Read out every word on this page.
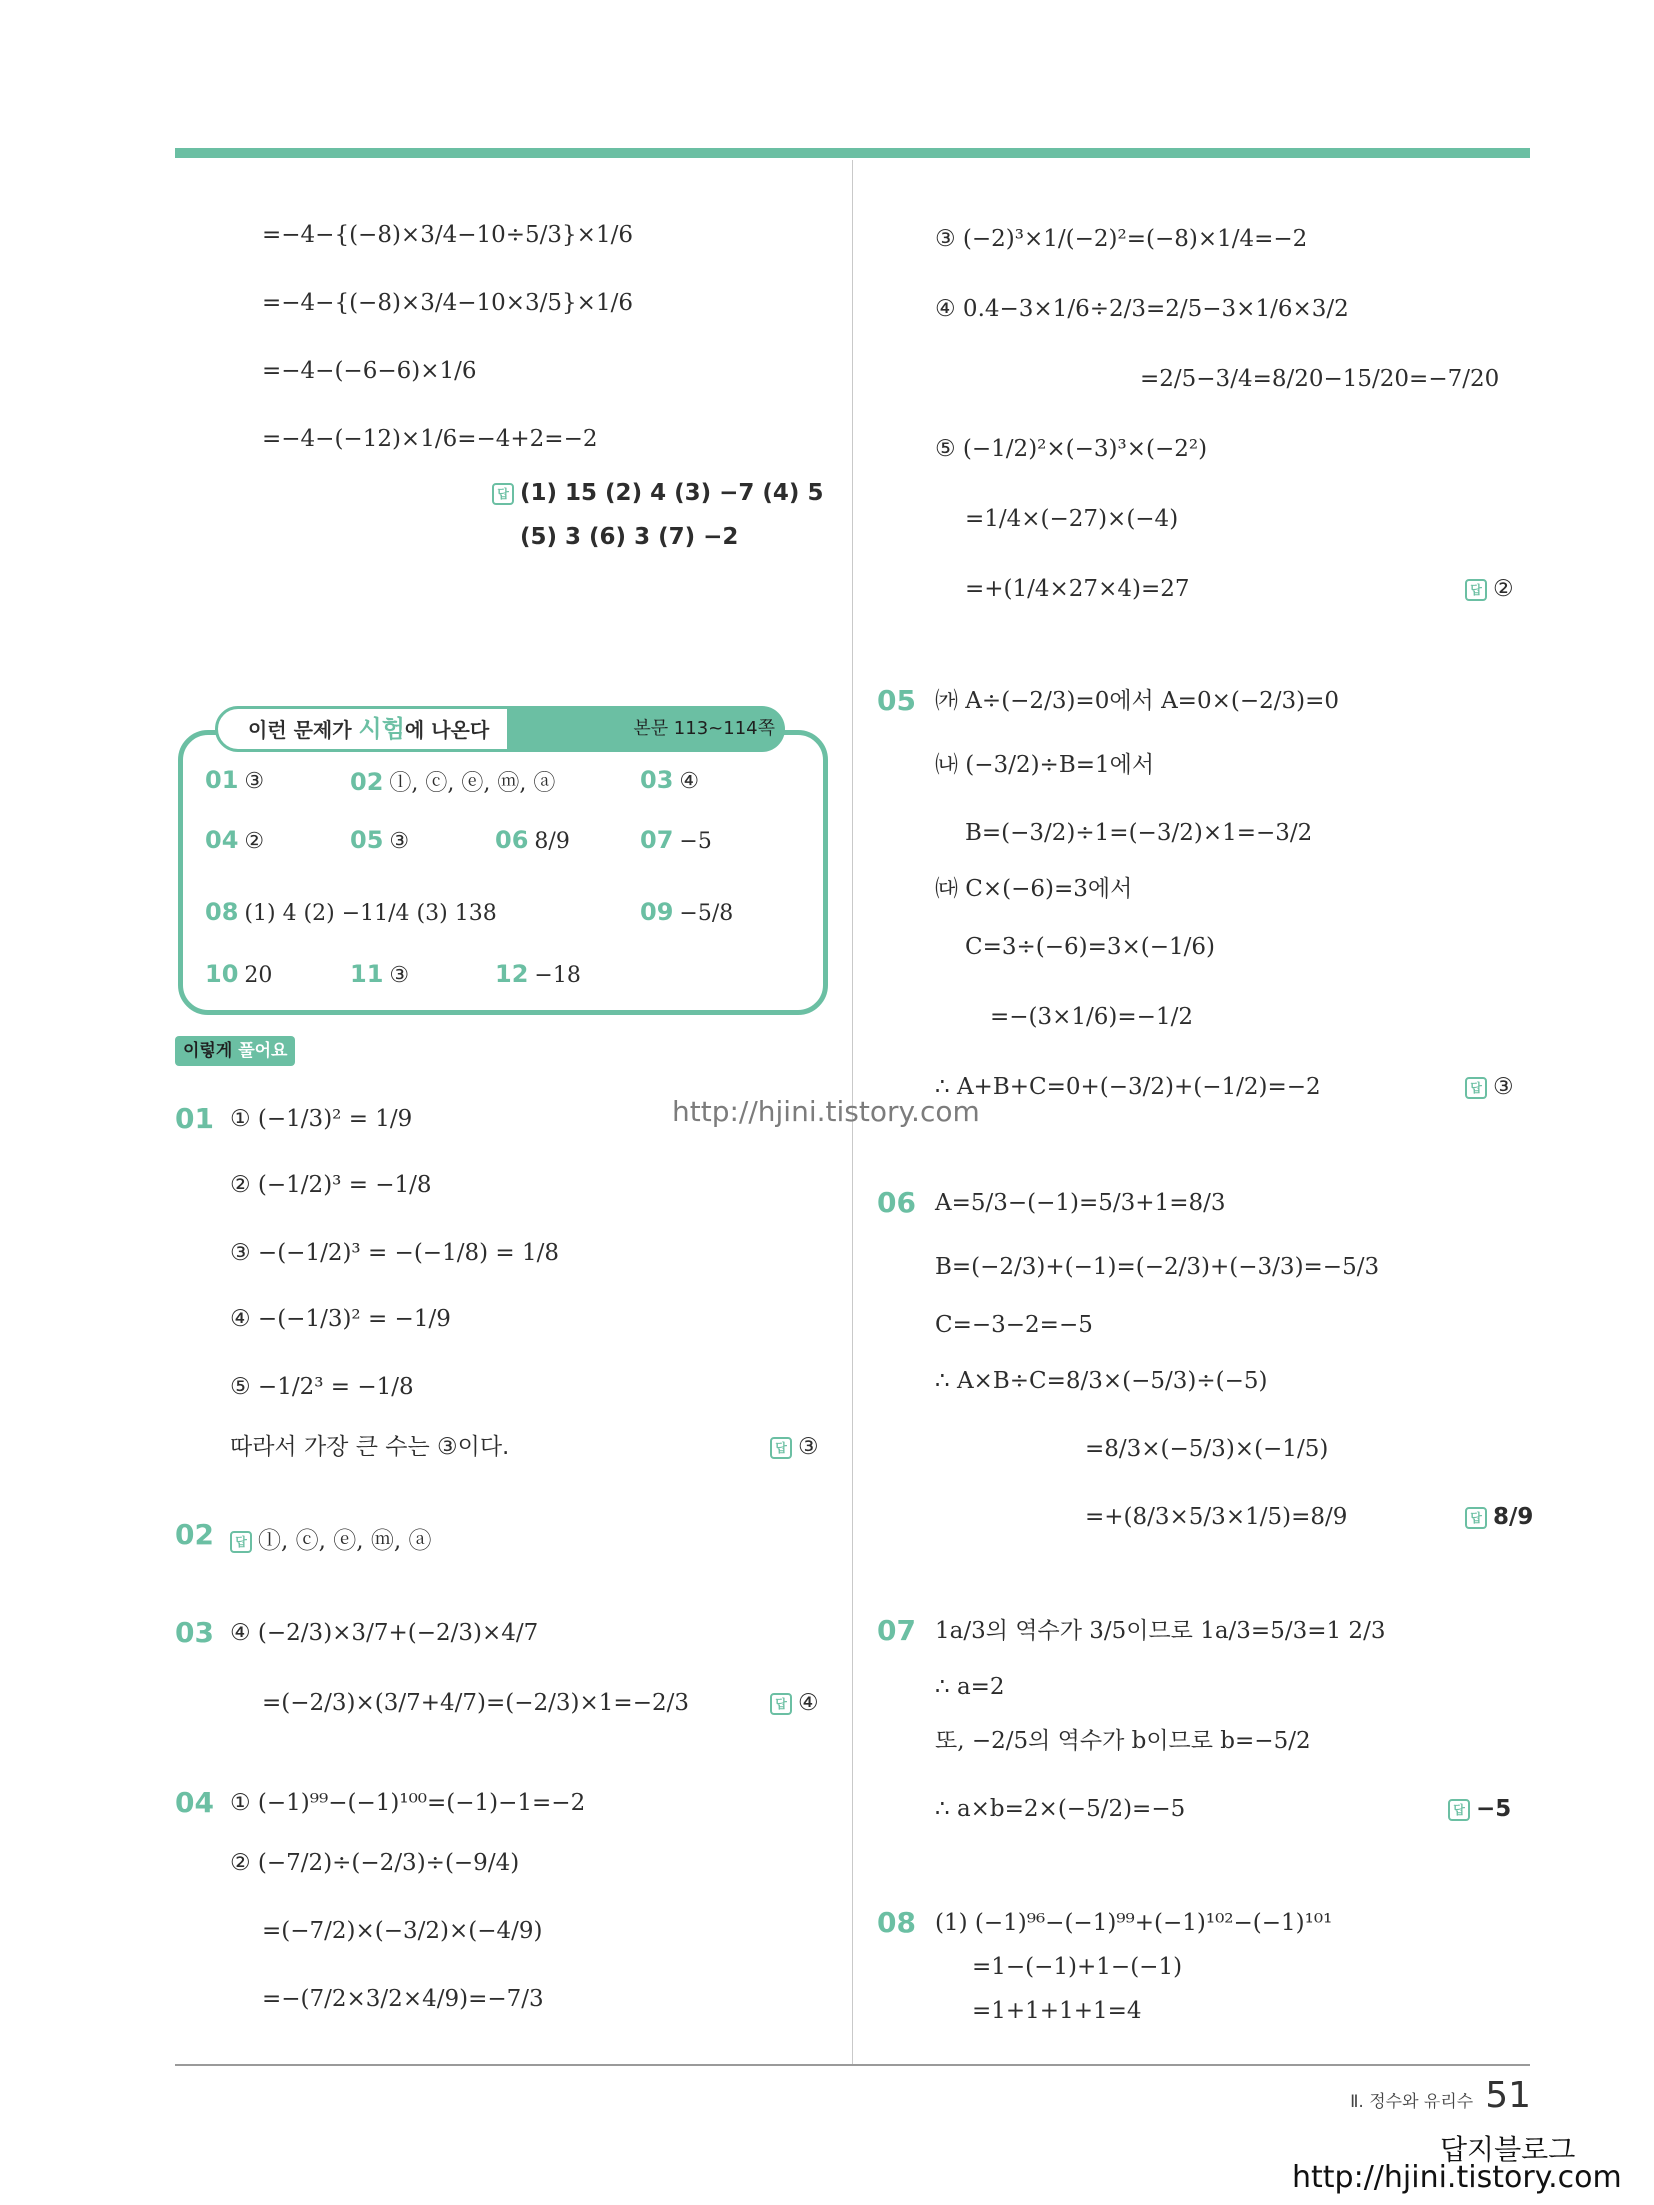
=−4−{(−8)×3/4−10÷5/3}×1/6
=−4−{(−8)×3/4−10×3/5}×1/6
=−4−(−6−6)×1/6
=−4−(−12)×1/6=−4+2=−2
답 (1) 15 (2) 4 (3) −7 (4) 5
(5) 3 (6) 3 (7) −2
이런 문제가 시험에 나온다	본문 113~114쪽
01 ③	02 ⓛ, ⓒ, ⓔ, ⓜ, ⓐ	03 ④
04 ②	05 ③	06 8/9	07 −5
08 (1) 4 (2) −11/4 (3) 138	09 −5/8
10 20	11 ③	12 −18
이렇게 풀어요
01 ① (−1/3)² = 1/9
② (−1/2)³ = −1/8
③ −(−1/2)³ = −(−1/8) = 1/8
④ −(−1/3)² = −1/9
⑤ −1/2³ = −1/8
따라서 가장 큰 수는 ③이다.	답 ③
02	답 ⓛ, ⓒ, ⓔ, ⓜ, ⓐ
03 ④ (−2/3)×3/7+(−2/3)×4/7
=(−2/3)×(3/7+4/7)=(−2/3)×1=−2/3	답 ④
04 ① (−1)⁹⁹−(−1)¹⁰⁰=(−1)−1=−2
② (−7/2)÷(−2/3)÷(−9/4)
=(−7/2)×(−3/2)×(−4/9)
=−(7/2×3/2×4/9)=−7/3
③ (−2)³×1/(−2)²=(−8)×1/4=−2
④ 0.4−3×1/6÷2/3=2/5−3×1/6×3/2
=2/5−3/4=8/20−15/20=−7/20
⑤ (−1/2)²×(−3)³×(−2²)
=1/4×(−27)×(−4)
=+(1/4×27×4)=27	답 ②
05 ㈎ A÷(−2/3)=0에서 A=0×(−2/3)=0
㈏ (−3/2)÷B=1에서
B=(−3/2)÷1=(−3/2)×1=−3/2
㈐ C×(−6)=3에서
C=3÷(−6)=3×(−1/6)
=−(3×1/6)=−1/2
∴ A+B+C=0+(−3/2)+(−1/2)=−2	답 ③
06 A=5/3−(−1)=5/3+1=8/3
B=(−2/3)+(−1)=(−2/3)+(−3/3)=−5/3
C=−3−2=−5
∴ A×B÷C=8/3×(−5/3)÷(−5)
=8/3×(−5/3)×(−1/5)
=+(8/3×5/3×1/5)=8/9	답 8/9
07 1a/3의 역수가 3/5이므로 1a/3=5/3=1 2/3
∴ a=2
또, −2/5의 역수가 b이므로 b=−5/2
∴ a×b=2×(−5/2)=−5	답 −5
08 (1) (−1)⁹⁶−(−1)⁹⁹+(−1)¹⁰²−(−1)¹⁰¹
=1−(−1)+1−(−1)
=1+1+1+1=4
http://hjini.tistory.com
Ⅱ. 정수와 유리수 51
답지블로그
http://hjini.tistory.com
